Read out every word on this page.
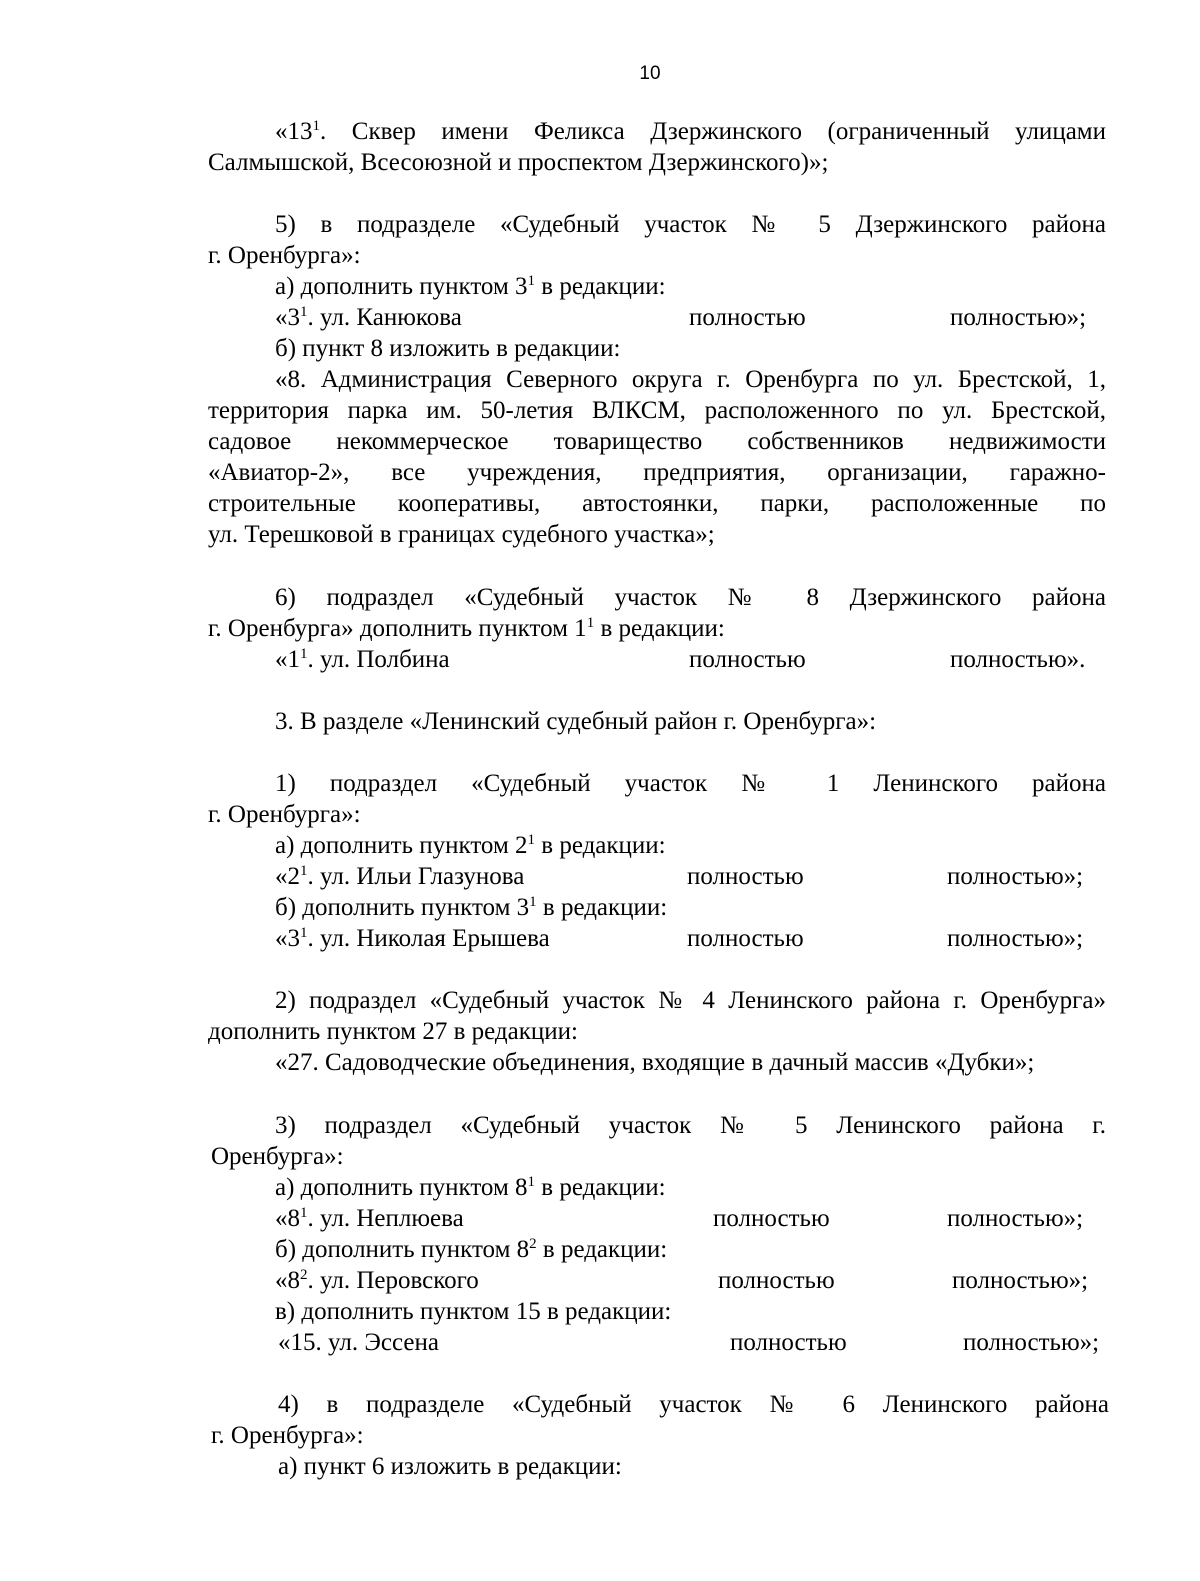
10
«$13^1$. Сквер имени Феликса Дзержинского (ограниченный улицами
Салмышской, Всесоюзной и проспектом Дзержинского)»;
5) в подразделе «Судебный участок № 5 Дзержинского района
г. Оренбурга»:
а) дополнить пунктом $3^1$ в редакции:
«$3^1$. ул. Канюкова	полностью	полностью»;
б) пункт 8 изложить в редакции:
«8. Администрация Северного округа г. Оренбурга по ул. Брестской, 1,
территория парка им. 50-летия ВЛКСМ, расположенного по ул. Брестской,
садовое некоммерческое товарищество собственников недвижимости
«Авиатор-2», все учреждения, предприятия, организации, гаражно-
строительные кооперативы, автостоянки, парки, расположенные по
ул. Терешковой в границах судебного участка»;
6) подраздел «Судебный участок № 8 Дзержинского района
г. Оренбурга» дополнить пунктом $1^1$ в редакции:
«$1^1$. ул. Полбина	полностью	полностью».
3. В разделе «Ленинский судебный район г. Оренбурга»:
1) подраздел «Судебный участок № 1 Ленинского района
г. Оренбурга»:
а) дополнить пунктом $2^1$ в редакции:
«$2^1$. ул. Ильи Глазунова	полностью	полностью»;
б) дополнить пунктом $3^1$ в редакции:
«$3^1$. ул. Николая Ерышева	полностью	полностью»;
2) подраздел «Судебный участок № 4 Ленинского района г. Оренбурга»
дополнить пунктом 27 в редакции:
«27. Садоводческие объединения, входящие в дачный массив «Дубки»;
3) подраздел «Судебный участок № 5 Ленинского района г.
Оренбурга»:
а) дополнить пунктом $8^1$ в редакции:
«$8^1$. ул. Неплюева	полностью	полностью»;
б) дополнить пунктом $8^2$ в редакции:
«$8^2$. ул. Перовского	полностью	полностью»;
в) дополнить пунктом 15 в редакции:
«15. ул. Эссена	полностью	полностью»;
4) в подразделе «Судебный участок № 6 Ленинского района
г. Оренбурга»:
а) пункт 6 изложить в редакции:
